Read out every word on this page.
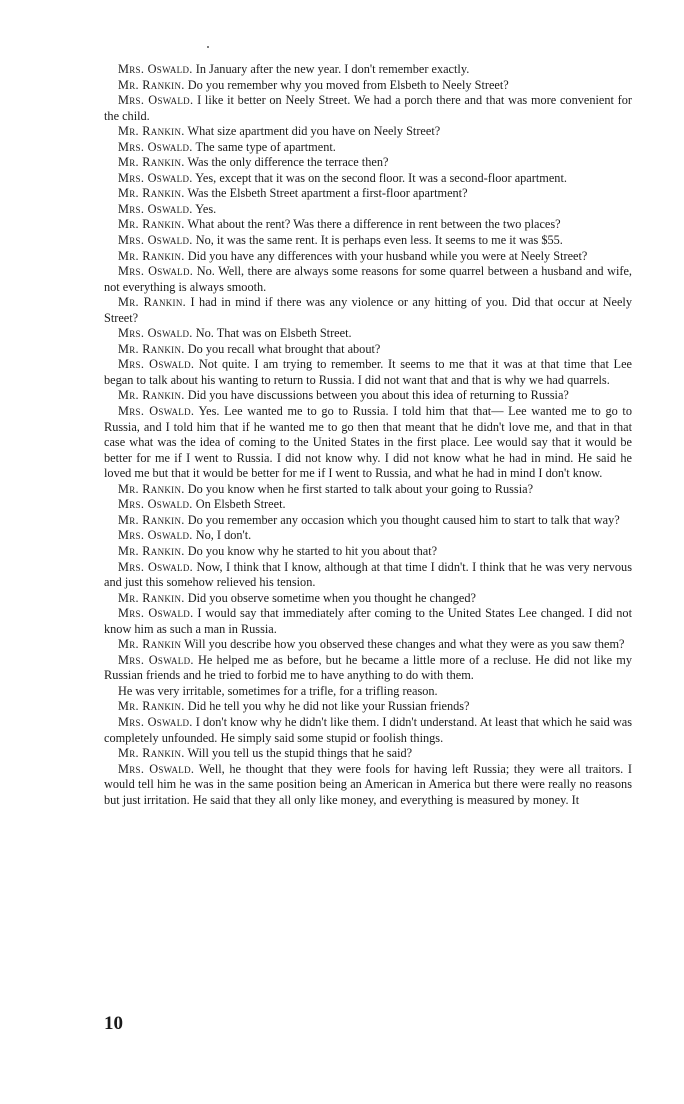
Mrs. Oswald. In January after the new year. I don't remember exactly.

Mr. Rankin. Do you remember why you moved from Elsbeth to Neely Street?

Mrs. Oswald. I like it better on Neely Street. We had a porch there and that was more convenient for the child.

Mr. Rankin. What size apartment did you have on Neely Street?

Mrs. Oswald. The same type of apartment.

Mr. Rankin. Was the only difference the terrace then?

Mrs. Oswald. Yes, except that it was on the second floor. It was a second-floor apartment.

Mr. Rankin. Was the Elsbeth Street apartment a first-floor apartment?

Mrs. Oswald. Yes.

Mr. Rankin. What about the rent? Was there a difference in rent between the two places?

Mrs. Oswald. No, it was the same rent. It is perhaps even less. It seems to me it was $55.

Mr. Rankin. Did you have any differences with your husband while you were at Neely Street?

Mrs. Oswald. No. Well, there are always some reasons for some quarrel between a husband and wife, not everything is always smooth.

Mr. Rankin. I had in mind if there was any violence or any hitting of you. Did that occur at Neely Street?

Mrs. Oswald. No. That was on Elsbeth Street.

Mr. Rankin. Do you recall what brought that about?

Mrs. Oswald. Not quite. I am trying to remember. It seems to me that it was at that time that Lee began to talk about his wanting to return to Russia. I did not want that and that is why we had quarrels.

Mr. Rankin. Did you have discussions between you about this idea of returning to Russia?

Mrs. Oswald. Yes. Lee wanted me to go to Russia. I told him that that— Lee wanted me to go to Russia, and I told him that if he wanted me to go then that meant that he didn't love me, and that in that case what was the idea of coming to the United States in the first place. Lee would say that it would be better for me if I went to Russia. I did not know why. I did not know what he had in mind. He said he loved me but that it would be better for me if I went to Russia, and what he had in mind I don't know.

Mr. Rankin. Do you know when he first started to talk about your going to Russia?

Mrs. Oswald. On Elsbeth Street.

Mr. Rankin. Do you remember any occasion which you thought caused him to start to talk that way?

Mrs. Oswald. No, I don't.

Mr. Rankin. Do you know why he started to hit you about that?

Mrs. Oswald. Now, I think that I know, although at that time I didn't. I think that he was very nervous and just this somehow relieved his tension.

Mr. Rankin. Did you observe sometime when you thought he changed?

Mrs. Oswald. I would say that immediately after coming to the United States Lee changed. I did not know him as such a man in Russia.

Mr. Rankin Will you describe how you observed these changes and what they were as you saw them?

Mrs. Oswald. He helped me as before, but he became a little more of a recluse. He did not like my Russian friends and he tried to forbid me to have anything to do with them.

He was very irritable, sometimes for a trifle, for a trifling reason.

Mr. Rankin. Did he tell you why he did not like your Russian friends?

Mrs. Oswald. I don't know why he didn't like them. I didn't understand. At least that which he said was completely unfounded. He simply said some stupid or foolish things.

Mr. Rankin. Will you tell us the stupid things that he said?

Mrs. Oswald. Well, he thought that they were fools for having left Russia; they were all traitors. I would tell him he was in the same position being an American in America but there were really no reasons but just irritation. He said that they all only like money, and everything is measured by money. It

10
